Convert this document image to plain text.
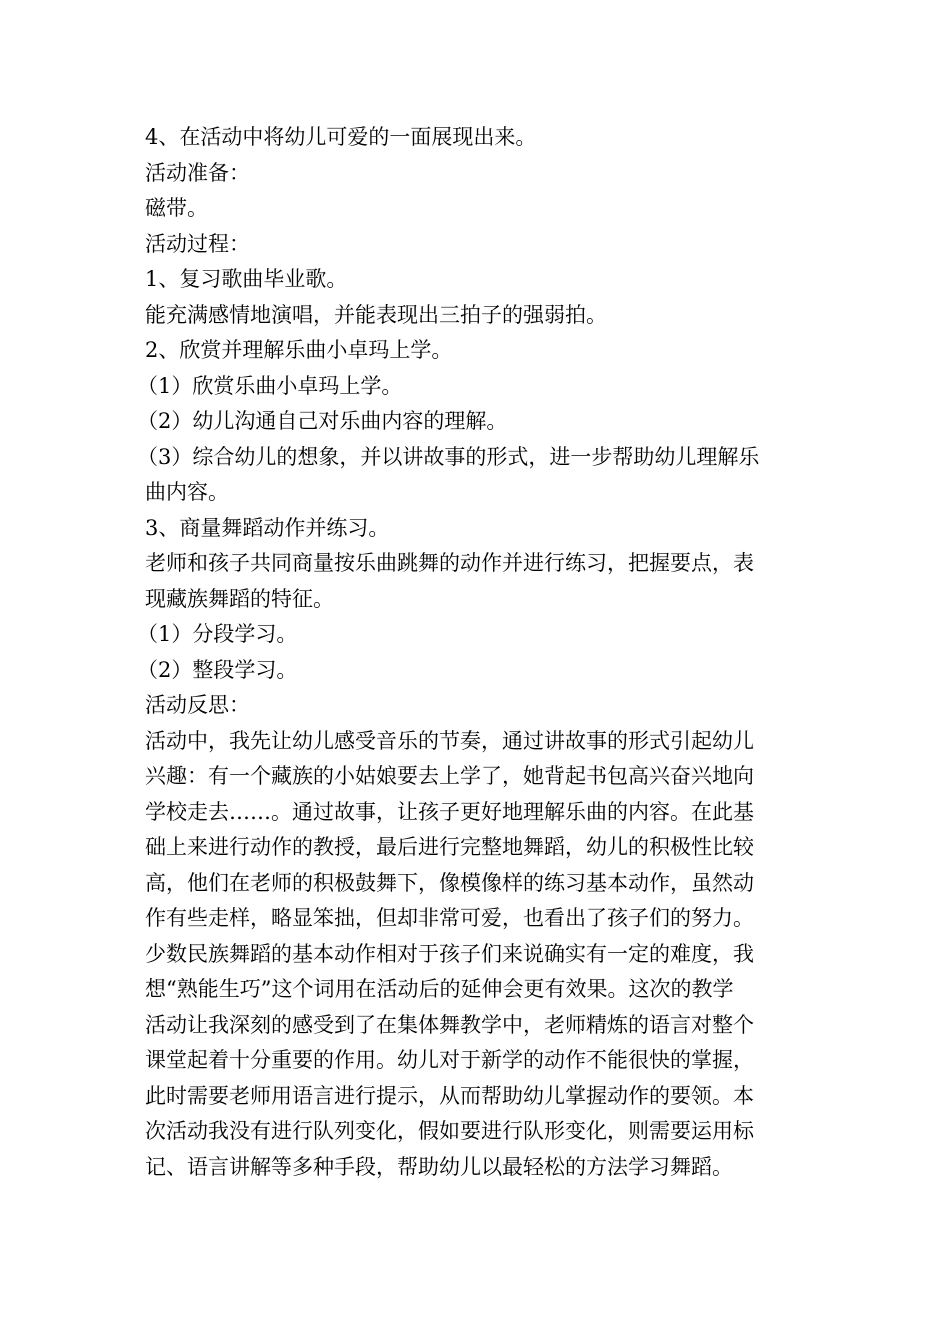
4、在活动中将幼儿可爱的一面展现出来。
活动准备：
磁带。
活动过程：
1、复习歌曲毕业歌。
能充满感情地演唱，并能表现出三拍子的强弱拍。
2、欣赏并理解乐曲小卓玛上学。
（1）欣赏乐曲小卓玛上学。
（2）幼儿沟通自己对乐曲内容的理解。
（3）综合幼儿的想象，并以讲故事的形式，进一步帮助幼儿理解乐
曲内容。
3、商量舞蹈动作并练习。
老师和孩子共同商量按乐曲跳舞的动作并进行练习，把握要点，表
现藏族舞蹈的特征。
（1）分段学习。
（2）整段学习。
活动反思：
活动中，我先让幼儿感受音乐的节奏，通过讲故事的形式引起幼儿
兴趣：有一个藏族的小姑娘要去上学了，她背起书包高兴奋兴地向
学校走去……。通过故事，让孩子更好地理解乐曲的内容。在此基
础上来进行动作的教授，最后进行完整地舞蹈，幼儿的积极性比较
高，他们在老师的积极鼓舞下，像模像样的练习基本动作，虽然动
作有些走样，略显笨拙，但却非常可爱，也看出了孩子们的努力。
少数民族舞蹈的基本动作相对于孩子们来说确实有一定的难度，我
想“熟能生巧”这个词用在活动后的延伸会更有效果。这次的教学
活动让我深刻的感受到了在集体舞教学中，老师精炼的语言对整个
课堂起着十分重要的作用。幼儿对于新学的动作不能很快的掌握，
此时需要老师用语言进行提示，从而帮助幼儿掌握动作的要领。本
次活动我没有进行队列变化，假如要进行队形变化，则需要运用标
记、语言讲解等多种手段，帮助幼儿以最轻松的方法学习舞蹈。
